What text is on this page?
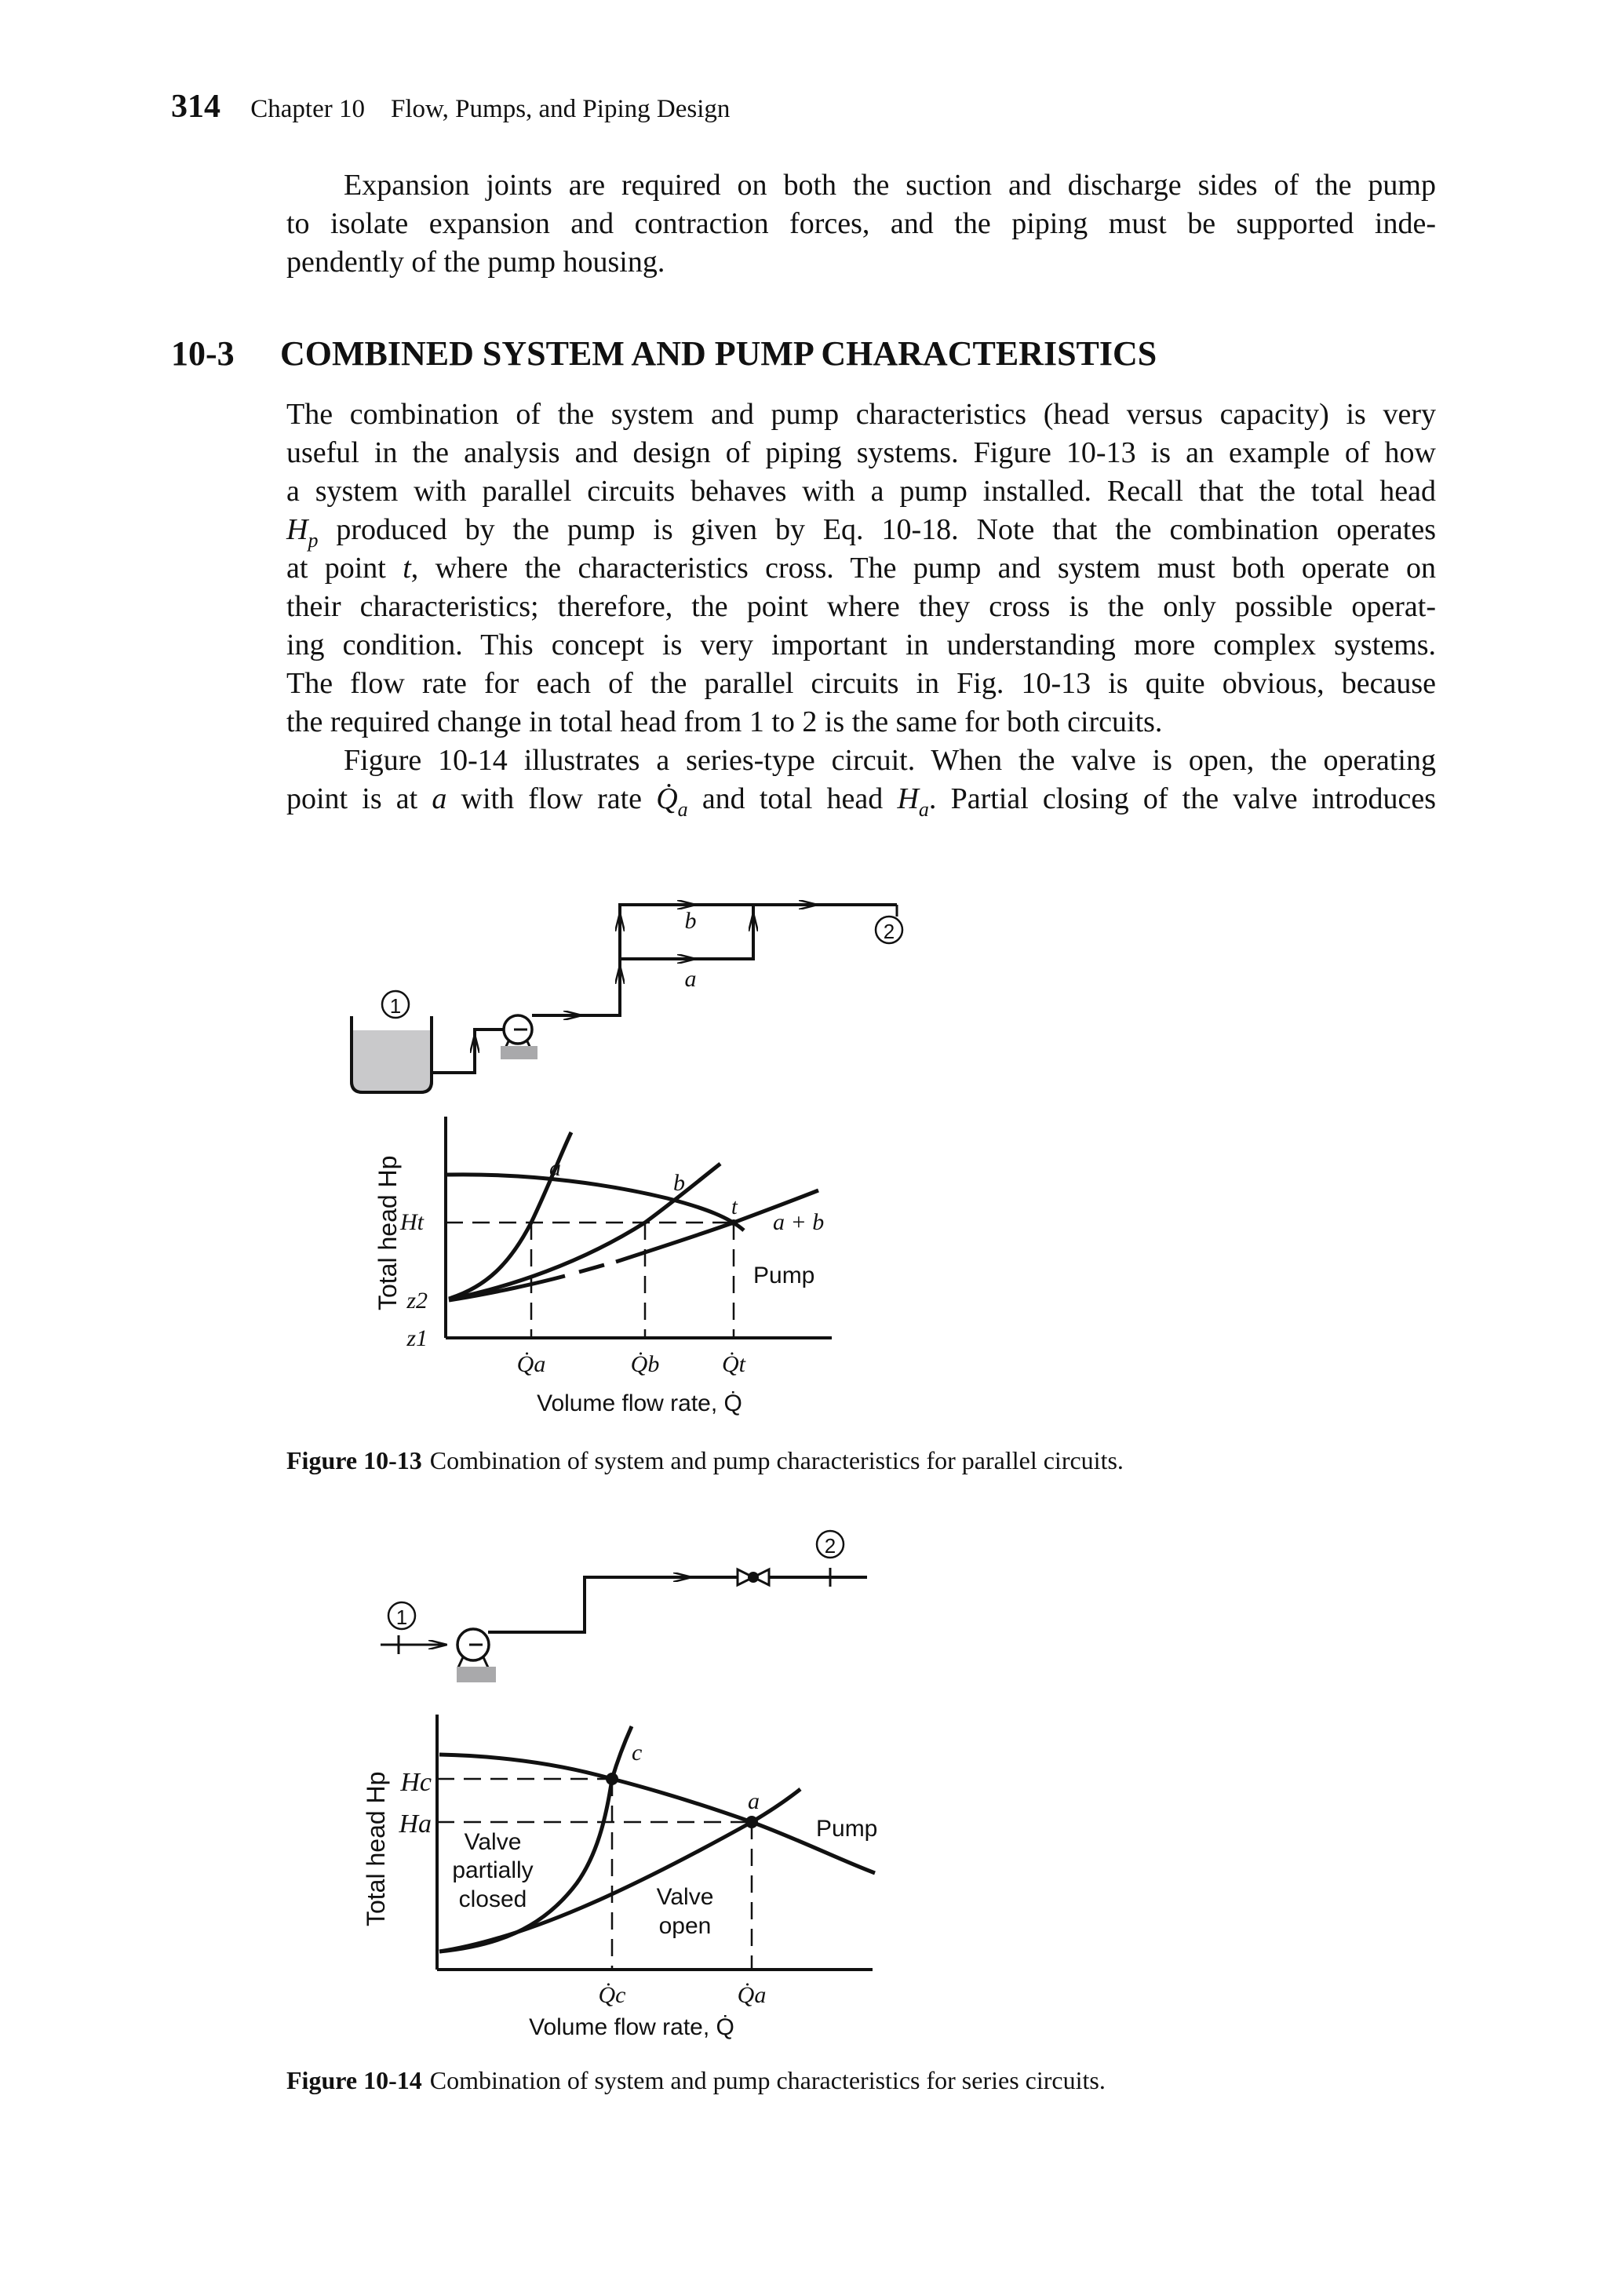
314 Chapter 10    Flow, Pumps, and Piping Design
Expansion joints are required on both the suction and discharge sides of the pump
to isolate expansion and contraction forces, and the piping must be supported inde-
pendently of the pump housing.
10-3 COMBINED SYSTEM AND PUMP CHARACTERISTICS
The combination of the system and pump characteristics (head versus capacity) is very
useful in the analysis and design of piping systems. Figure 10-13 is an example of how
a system with parallel circuits behaves with a pump installed. Recall that the total head
$H_p$ produced by the pump is given by Eq. 10-18. Note that the combination operates
at point t, where the characteristics cross. The pump and system must both operate on
their characteristics; therefore, the point where they cross is the only possible operat-
ing condition. This concept is very important in understanding more complex systems.
The flow rate for each of the parallel circuits in Fig. 10-13 is quite obvious, because
the required change in total head from 1 to 2 is the same for both circuits.
Figure 10-14 illustrates a series-type circuit. When the valve is open, the operating
point is at a with flow rate $Q̇_a$ and total head $H_a$. Partial closing of the valve introduces
1
2
b
a
Total head Hp
Ht
z2
z1
Q̇a	Q̇b	Q̇t
Volume flow rate, Q̇
a
b
t
a + b
Pump
1
2
Total head Hp Hc
Ha
Q̇c	Q̇a
Volume flow rate, Q̇
c
a
Pump
Valve
partially
closed	Valve
open
Figure 10-13 Combination of system and pump characteristics for parallel circuits.
Figure 10-14 Combination of system and pump characteristics for series circuits.
